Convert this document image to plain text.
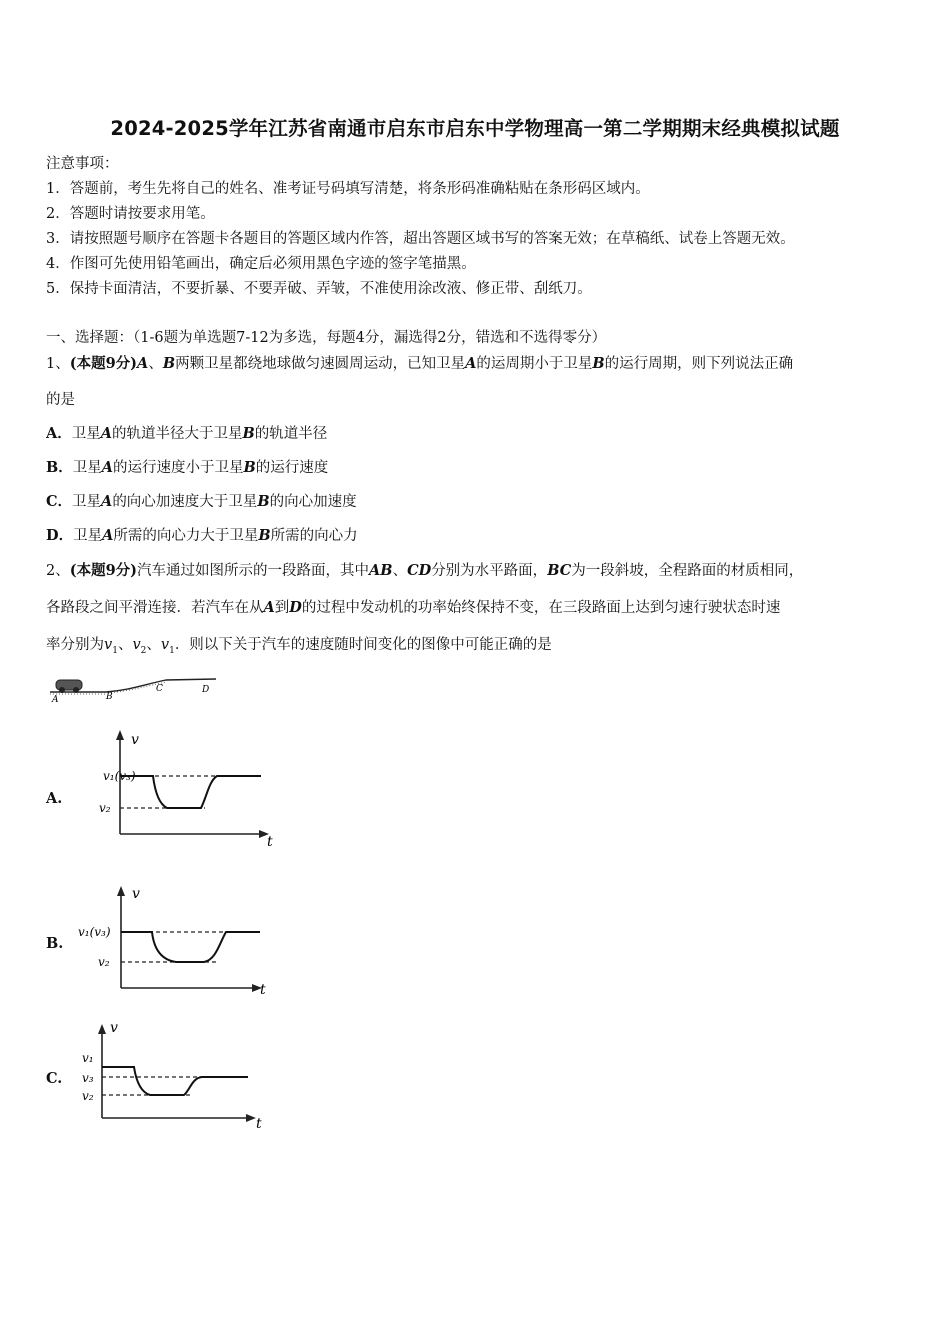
2024-2025学年江苏省南通市启东市启东中学物理高一第二学期期末经典模拟试题
注意事项：
1．答题前，考生先将自己的姓名、准考证号码填写清楚，将条形码准确粘贴在条形码区域内。
2．答题时请按要求用笔。
3．请按照题号顺序在答题卡各题目的答题区域内作答，超出答题区域书写的答案无效；在草稿纸、试卷上答题无效。
4．作图可先使用铅笔画出，确定后必须用黑色字迹的签字笔描黑。
5．保持卡面清洁，不要折暴、不要弄破、弄皱，不准使用涂改液、修正带、刮纸刀。
一、选择题：（1-6题为单选题7-12为多选，每题4分，漏选得2分，错选和不选得零分）
1、(本题9分)A、B两颗卫星都绕地球做匀速圆周运动，已知卫星A的运周期小于卫星B的运行周期，则下列说法正确
的是
A．卫星A的轨道半径大于卫星B的轨道半径
B．卫星A的运行速度小于卫星B的运行速度
C．卫星A的向心加速度大于卫星B的向心加速度
D．卫星A所需的向心力大于卫星B所需的向心力
2、(本题9分)汽车通过如图所示的一段路面，其中AB、CD分别为水平路面，BC为一段斜坡，全程路面的材质相同，
各路段之间平滑连接．若汽车在从A到D的过程中发动机的功率始终保持不变，在三段路面上达到匀速行驶状态时速
率分别为$v_1$、$v_2$、$v_1$．则以下关于汽车的速度随时间变化的图像中可能正确的是
A	B
C	D
A.
v
t
v₁(v₃)
v₂
B.
v
t
v₁(v₃)
v₂
C.
v
t
v₁
v₃
v₂
